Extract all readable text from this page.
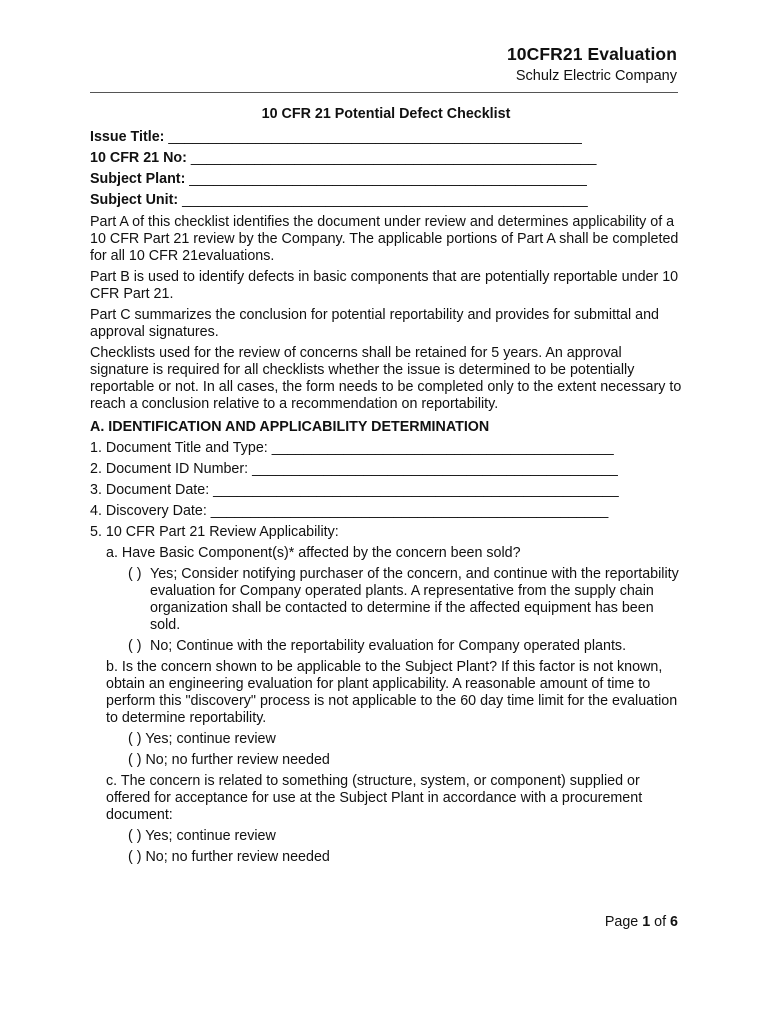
10CFR21 Evaluation
Schulz Electric Company
10 CFR 21 Potential Defect Checklist
Issue Title: ____________________________________________________
10 CFR 21 No: ___________________________________________________
Subject Plant: __________________________________________________
Subject Unit: ___________________________________________________

Part A of this checklist identifies the document under review and determines applicability of a 10 CFR Part 21 review by the Company. The applicable portions of Part A shall be completed for all 10 CFR 21evaluations.

Part B is used to identify defects in basic components that are potentially reportable under 10 CFR Part 21.

Part C summarizes the conclusion for potential reportability and provides for submittal and approval signatures.

Checklists used for the review of concerns shall be retained for 5 years. An approval signature is required for all checklists whether the issue is determined to be potentially reportable or not. In all cases, the form needs to be completed only to the extent necessary to reach a conclusion relative to a recommendation on reportability.

A. IDENTIFICATION AND APPLICABILITY DETERMINATION
1. Document Title and Type: ___________________________________________
2. Document ID Number: ______________________________________________
3. Document Date: ___________________________________________________
4. Discovery Date: __________________________________________________
5. 10 CFR Part 21 Review Applicability:
a. Have Basic Component(s)* affected by the concern been sold?
( ) Yes; Consider notifying purchaser of the concern, and continue with the reportability evaluation for Company operated plants. A representative from the supply chain organization shall be contacted to determine if the affected equipment has been sold.
( ) No; Continue with the reportability evaluation for Company operated plants.
b. Is the concern shown to be applicable to the Subject Plant? If this factor is not known, obtain an engineering evaluation for plant applicability. A reasonable amount of time to perform this "discovery" process is not applicable to the 60 day time limit for the evaluation to determine reportability.
( ) Yes; continue review
( ) No; no further review needed
c. The concern is related to something (structure, system, or component) supplied or offered for acceptance for use at the Subject Plant in accordance with a procurement document:
( ) Yes; continue review
( ) No; no further review needed
Page 1 of 6
